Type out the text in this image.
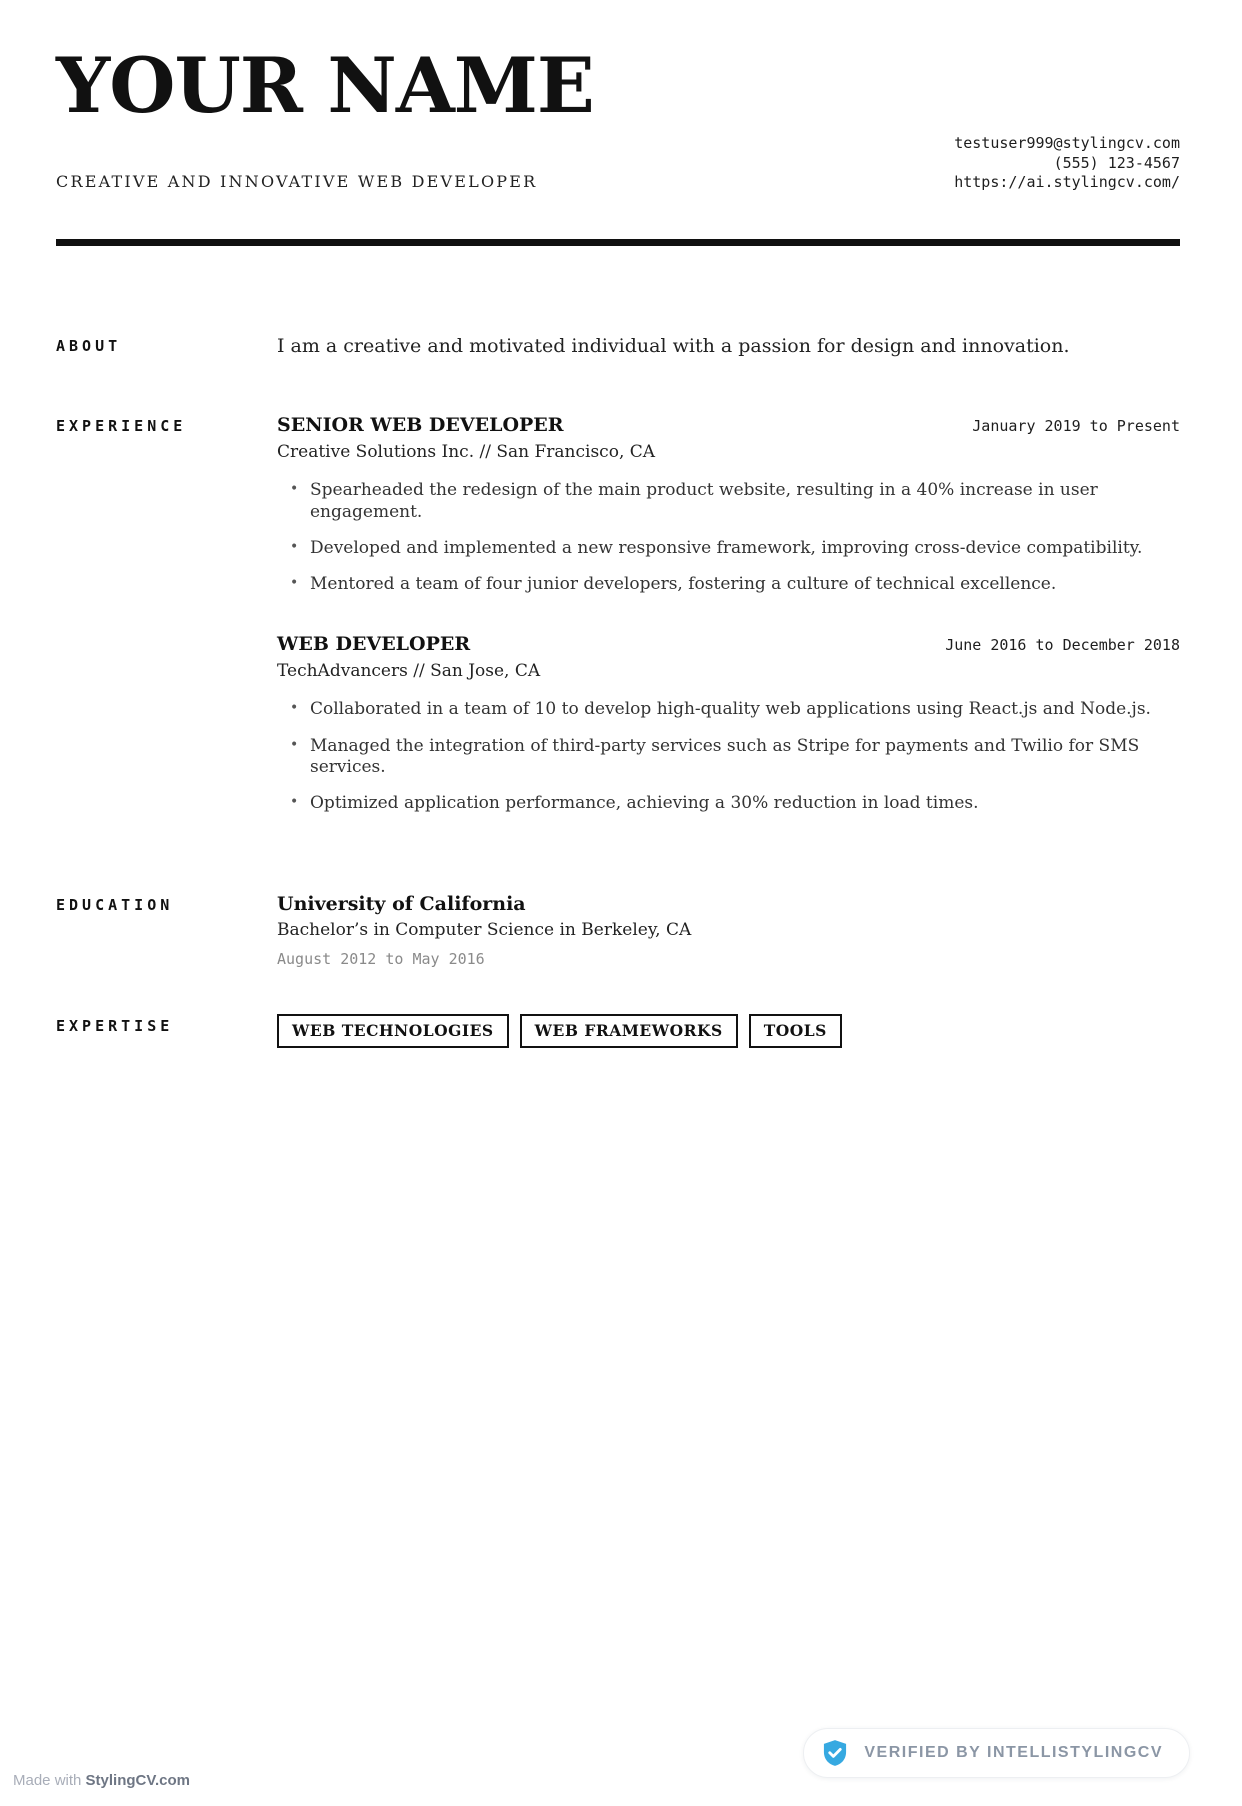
YOUR NAME
CREATIVE AND INNOVATIVE WEB DEVELOPER
testuser999@stylingcv.com
(555) 123-4567
https://ai.stylingcv.com/
ABOUT	I am a creative and motivated individual with a passion for design and innovation.
EXPERIENCE	SENIOR WEB DEVELOPER	January 2019 to Present
Creative Solutions Inc. // San Francisco, CA
• Spearheaded the redesign of the main product website, resulting in a 40% increase in user engagement.
• Developed and implemented a new responsive framework, improving cross-device compatibility.
• Mentored a team of four junior developers, fostering a culture of technical excellence.
WEB DEVELOPER	June 2016 to December 2018
TechAdvancers // San Jose, CA
• Collaborated in a team of 10 to develop high-quality web applications using React.js and Node.js.
• Managed the integration of third-party services such as Stripe for payments and Twilio for SMS services.
• Optimized application performance, achieving a 30% reduction in load times.
EDUCATION	University of California
Bachelor’s in Computer Science in Berkeley, CA
August 2012 to May 2016
EXPERTISE	WEB TECHNOLOGIES	WEB FRAMEWORKS	TOOLS
VERIFIED BY INTELLISTYLINGCV
Made with StylingCV.com
